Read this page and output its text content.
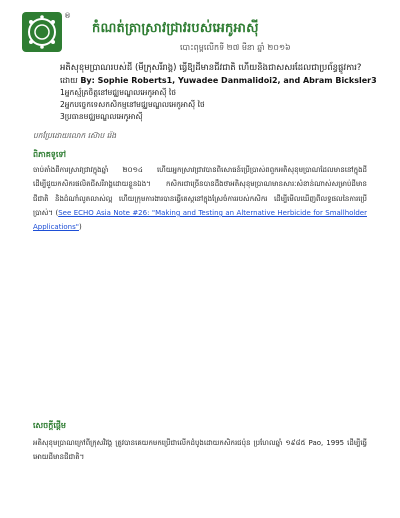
®
កំណត់ត្រាស្រាវជ្រាវរបស់អេកូអាស៊ី
បោះពុម្ពលើកទី ២៧ មីនា ឆ្នាំ ២០១៦
អតិសុខុមប្រាណរបស់ដី (មីក្រុសរីរាង្គ) ធ្វើឱ្យដីមានជីវជាតិ ហើយនិងជាសសរដែលជាប្រព័ន្ធផ្លូវការ?
ដោយ By: Sophie Roberts1, Yuwadee Danmalidoi2, and Abram Bicksler3
1អ្នកស្ម័គ្រចិត្តនៅមជ្ឈមណ្ឌលអេកូអាស៊ី ថៃ
2អ្នកបច្ចេកទេសកសិកម្មនៅមជ្ឈមណ្ឌលអេកូអាស៊ី ថៃ
3ប្រធានមជ្ឈមណ្ឌលអេកូអាស៊ី
បកប្រែដោយលោក ស៊ោប រ៉េង
ពិភាគទូទៅ
ចាប់តាំងពីការស្រាវជ្រាវក្នុងឆ្នាំ ២០១៤ ហើយអ្នកស្រាវជ្រាវបានពិសោធន៍ប្រើប្រាស់ពពួកអតិសុខុមប្រាណដែលមាននៅក្នុងដីដើម្បីជួយកសិករផលិតជីសរីរាង្គដោយខ្លួនឯង។ កសិករជាច្រើនបានដឹងថាអតិសុខុមប្រាណមានសារៈសំខាន់ណាស់សម្រាប់ដីមានជីជាតិ និងដំណាំលូតលាស់ល្អ ហើយក្រុមការងារបានធ្វើតេស្តនៅក្នុងស្រែចំការរបស់កសិករ ដើម្បីមើលឃើញពីលទ្ធផលនៃការប្រើប្រាស់។ (See ECHO Asia Note #26: "Making and Testing an Alternative Herbicide for Smallholder Applications")
សេចក្តីផ្តើម
អតិសុខុមប្រាណក្រៅពីក្រុសវិវង្គ ត្រូវបានគេយកមកប្រើជាលើកដំបូងដោយកសិករជប៉ុន ប្រហែលឆ្នាំ ១៩៨៥ Pao, 1995 ដើម្បីធ្វើអោយដីមានជីជាតិ។
